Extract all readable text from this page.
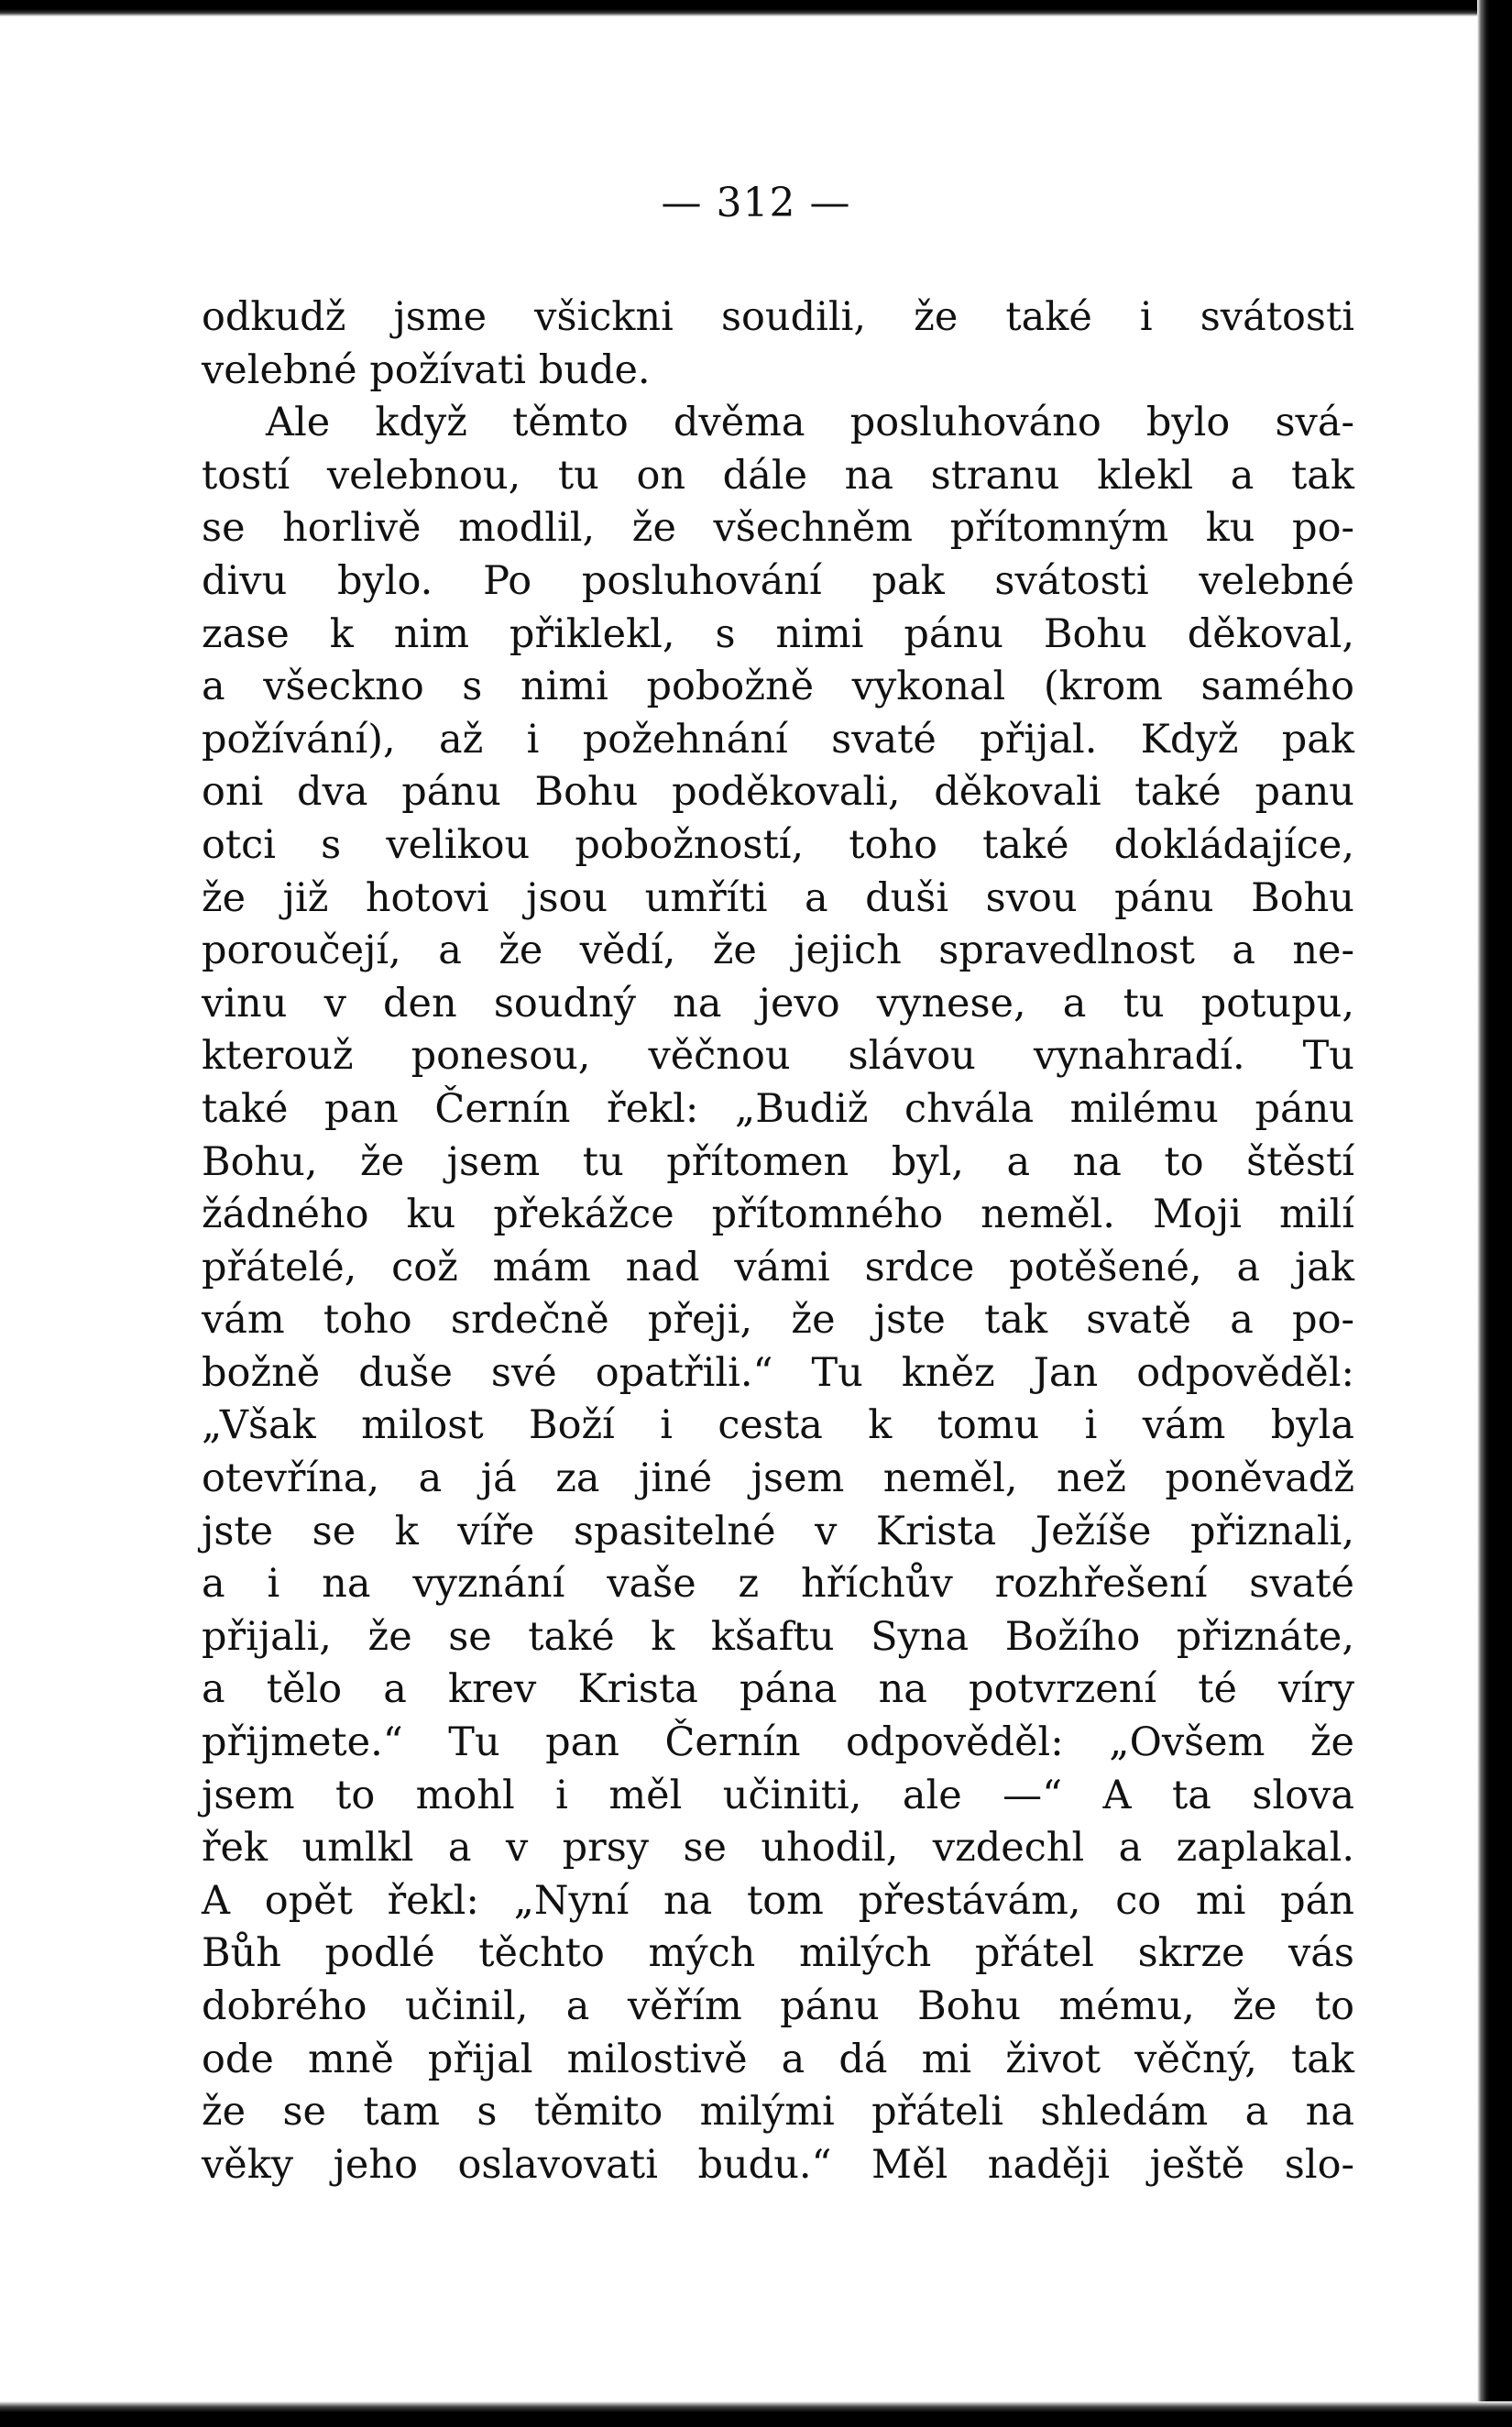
— 312 —
odkudž jsme všickni soudili, že také i svátosti
velebné požívati bude.
Ale když těmto dvěma posluhováno bylo svá-
tostí velebnou, tu on dále na stranu klekl a tak
se horlivě modlil, že všechněm přítomným ku po-
divu bylo. Po posluhování pak svátosti velebné
zase k nim přiklekl, s nimi pánu Bohu děkoval,
a všeckno s nimi pobožně vykonal (krom samého
požívání), až i požehnání svaté přijal. Když pak
oni dva pánu Bohu poděkovali, děkovali také panu
otci s velikou pobožností, toho také dokládajíce,
že již hotovi jsou umříti a duši svou pánu Bohu
poroučejí, a že vědí, že jejich spravedlnost a ne-
vinu v den soudný na jevo vynese, a tu potupu,
kterouž ponesou, věčnou slávou vynahradí. Tu
také pan Černín řekl: „Budiž chvála milému pánu
Bohu, že jsem tu přítomen byl, a na to štěstí
žádného ku překážce přítomného neměl. Moji milí
přátelé, což mám nad vámi srdce potěšené, a jak
vám toho srdečně přeji, že jste tak svatě a po-
božně duše své opatřili.“ Tu kněz Jan odpověděl:
„Však milost Boží i cesta k tomu i vám byla
otevřína, a já za jiné jsem neměl, než poněvadž
jste se k víře spasitelné v Krista Ježíše přiznali,
a i na vyznání vaše z hříchův rozhřešení svaté
přijali, že se také k kšaftu Syna Božího přiznáte,
a tělo a krev Krista pána na potvrzení té víry
přijmete.“ Tu pan Černín odpověděl: „Ovšem že
jsem to mohl i měl učiniti, ale —“ A ta slova
řek umlkl a v prsy se uhodil, vzdechl a zaplakal.
A opět řekl: „Nyní na tom přestávám, co mi pán
Bůh podlé těchto mých milých přátel skrze vás
dobrého učinil, a věřím pánu Bohu mému, že to
ode mně přijal milostivě a dá mi život věčný, tak
že se tam s těmito milými přáteli shledám a na
věky jeho oslavovati budu.“ Měl naději ještě slo-
